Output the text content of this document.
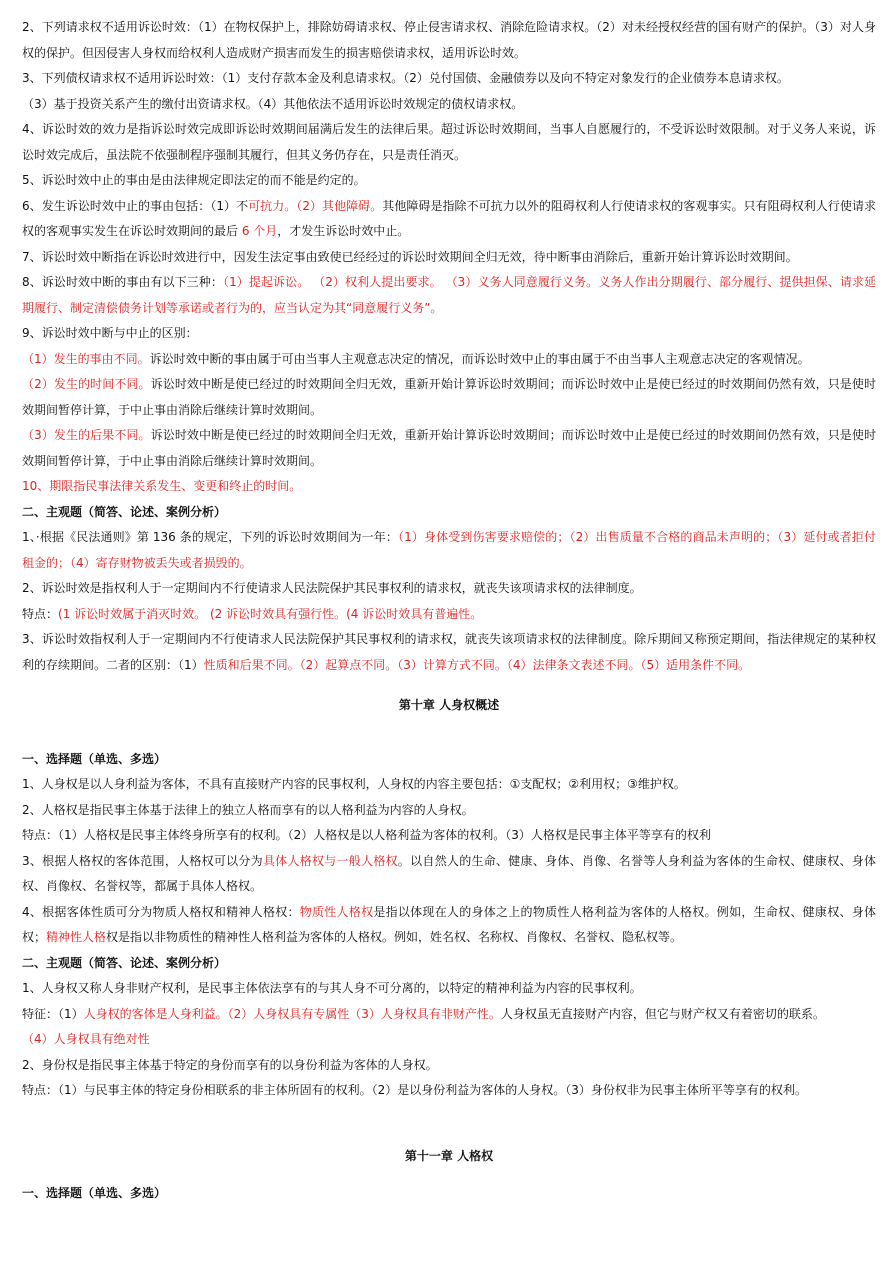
2、下列请求权不适用诉讼时效：（1）在物权保护上，排除妨碍请求权、停止侵害请求权、消除危险请求权。（2）对未经授权经营的国有财产的保护。（3）对人身权的保护。但因侵害人身权而给权利人造成财产损害而发生的损害赔偿请求权，适用诉讼时效。

3、下列债权请求权不适用诉讼时效：（1）支付存款本金及利息请求权。（2）兑付国债、金融债券以及向不特定对象发行的企业债券本息请求权。

（3）基于投资关系产生的缴付出资请求权。（4）其他依法不适用诉讼时效规定的债权请求权。

4、诉讼时效的效力是指诉讼时效完成即诉讼时效期间届满后发生的法律后果。超过诉讼时效期间，当事人自愿履行的，不受诉讼时效限制。对于义务人来说，诉讼时效完成后，虽法院不依强制程序强制其履行，但其义务仍存在，只是责任消灭。

5、诉讼时效中止的事由是由法律规定即法定的而不能是约定的。

6、发生诉讼时效中止的事由包括：（1）不可抗力。（2）其他障碍。其他障碍是指除不可抗力以外的阻碍权利人行使请求权的客观事实。只有阻碍权利人行使请求权的客观事实发生在诉讼时效期间的最后 6 个月，才发生诉讼时效中止。

7、诉讼时效中断指在诉讼时效进行中，因发生法定事由致使已经经过的诉讼时效期间全归无效，待中断事由消除后，重新开始计算诉讼时效期间。

8、诉讼时效中断的事由有以下三种：（1）提起诉讼。 （2）权利人提出要求。 （3）义务人同意履行义务。义务人作出分期履行、部分履行、提供担保、请求延期履行、制定清偿债务计划等承诺或者行为的，应当认定为其“同意履行义务”。

9、诉讼时效中断与中止的区别：

（1）发生的事由不同。诉讼时效中断的事由属于可由当事人主观意志决定的情况，而诉讼时效中止的事由属于不由当事人主观意志决定的客观情况。

（2）发生的时间不同。诉讼时效中断是使已经过的时效期间全归无效，重新开始计算诉讼时效期间；而诉讼时效中止是使已经过的时效期间仍然有效，只是使时效期间暂停计算，于中止事由消除后继续计算时效期间。

（3）发生的后果不同。诉讼时效中断是使已经过的时效期间全归无效，重新开始计算诉讼时效期间；而诉讼时效中止是使已经过的时效期间仍然有效，只是使时效期间暂停计算，于中止事由消除后继续计算时效期间。

10、期限指民事法律关系发生、变更和终止的时间。

二、主观题（简答、论述、案例分析）

1、·根据《民法通则》第 136 条的规定，下列的诉讼时效期间为一年：（1）身体受到伤害要求赔偿的；（2）出售质量不合格的商品未声明的；（3）延付或者拒付租金的；（4）寄存财物被丢失或者损毁的。

2、诉讼时效是指权利人于一定期间内不行使请求人民法院保护其民事权利的请求权，就丧失该项请求权的法律制度。

特点：(1 诉讼时效属于消灭时效。 (2 诉讼时效具有强行性。(4 诉讼时效具有普遍性。

3、诉讼时效指权利人于一定期间内不行使请求人民法院保护其民事权利的请求权，就丧失该项请求权的法律制度。除斥期间又称预定期间，指法律规定的某种权利的存续期间。二者的区别：（1）性质和后果不同。（2）起算点不同。（3）计算方式不同。（4）法律条文表述不同。（5）适用条件不同。

第十章 人身权概述

一、选择题（单选、多选）

1、人身权是以人身利益为客体，不具有直接财产内容的民事权利，人身权的内容主要包括：①支配权；②利用权；③维护权。

2、人格权是指民事主体基于法律上的独立人格而享有的以人格利益为内容的人身权。

特点：（1）人格权是民事主体终身所享有的权利。（2）人格权是以人格利益为客体的权利。（3）人格权是民事主体平等享有的权利

3、根据人格权的客体范围，人格权可以分为具体人格权与一般人格权。以自然人的生命、健康、身体、肖像、名誉等人身利益为客体的生命权、健康权、身体权、肖像权、名誉权等，都属于具体人格权。

4、根据客体性质可分为物质人格权和精神人格权：物质性人格权是指以体现在人的身体之上的物质性人格利益为客体的人格权。例如，生命权、健康权、身体权；精神性人格权是指以非物质性的精神性人格利益为客体的人格权。例如，姓名权、名称权、肖像权、名誉权、隐私权等。

二、主观题（简答、论述、案例分析）

1、人身权又称人身非财产权利，是民事主体依法享有的与其人身不可分离的，以特定的精神利益为内容的民事权利。

特征：（1）人身权的客体是人身利益。（2）人身权具有专属性（3）人身权具有非财产性。人身权虽无直接财产内容，但它与财产权又有着密切的联系。

（4）人身权具有绝对性

2、身份权是指民事主体基于特定的身份而享有的以身份利益为客体的人身权。

特点：（1）与民事主体的特定身份相联系的非主体所固有的权利。（2）是以身份利益为客体的人身权。（3）身份权非为民事主体所平等享有的权利。

第十一章 人格权

一、选择题（单选、多选）
